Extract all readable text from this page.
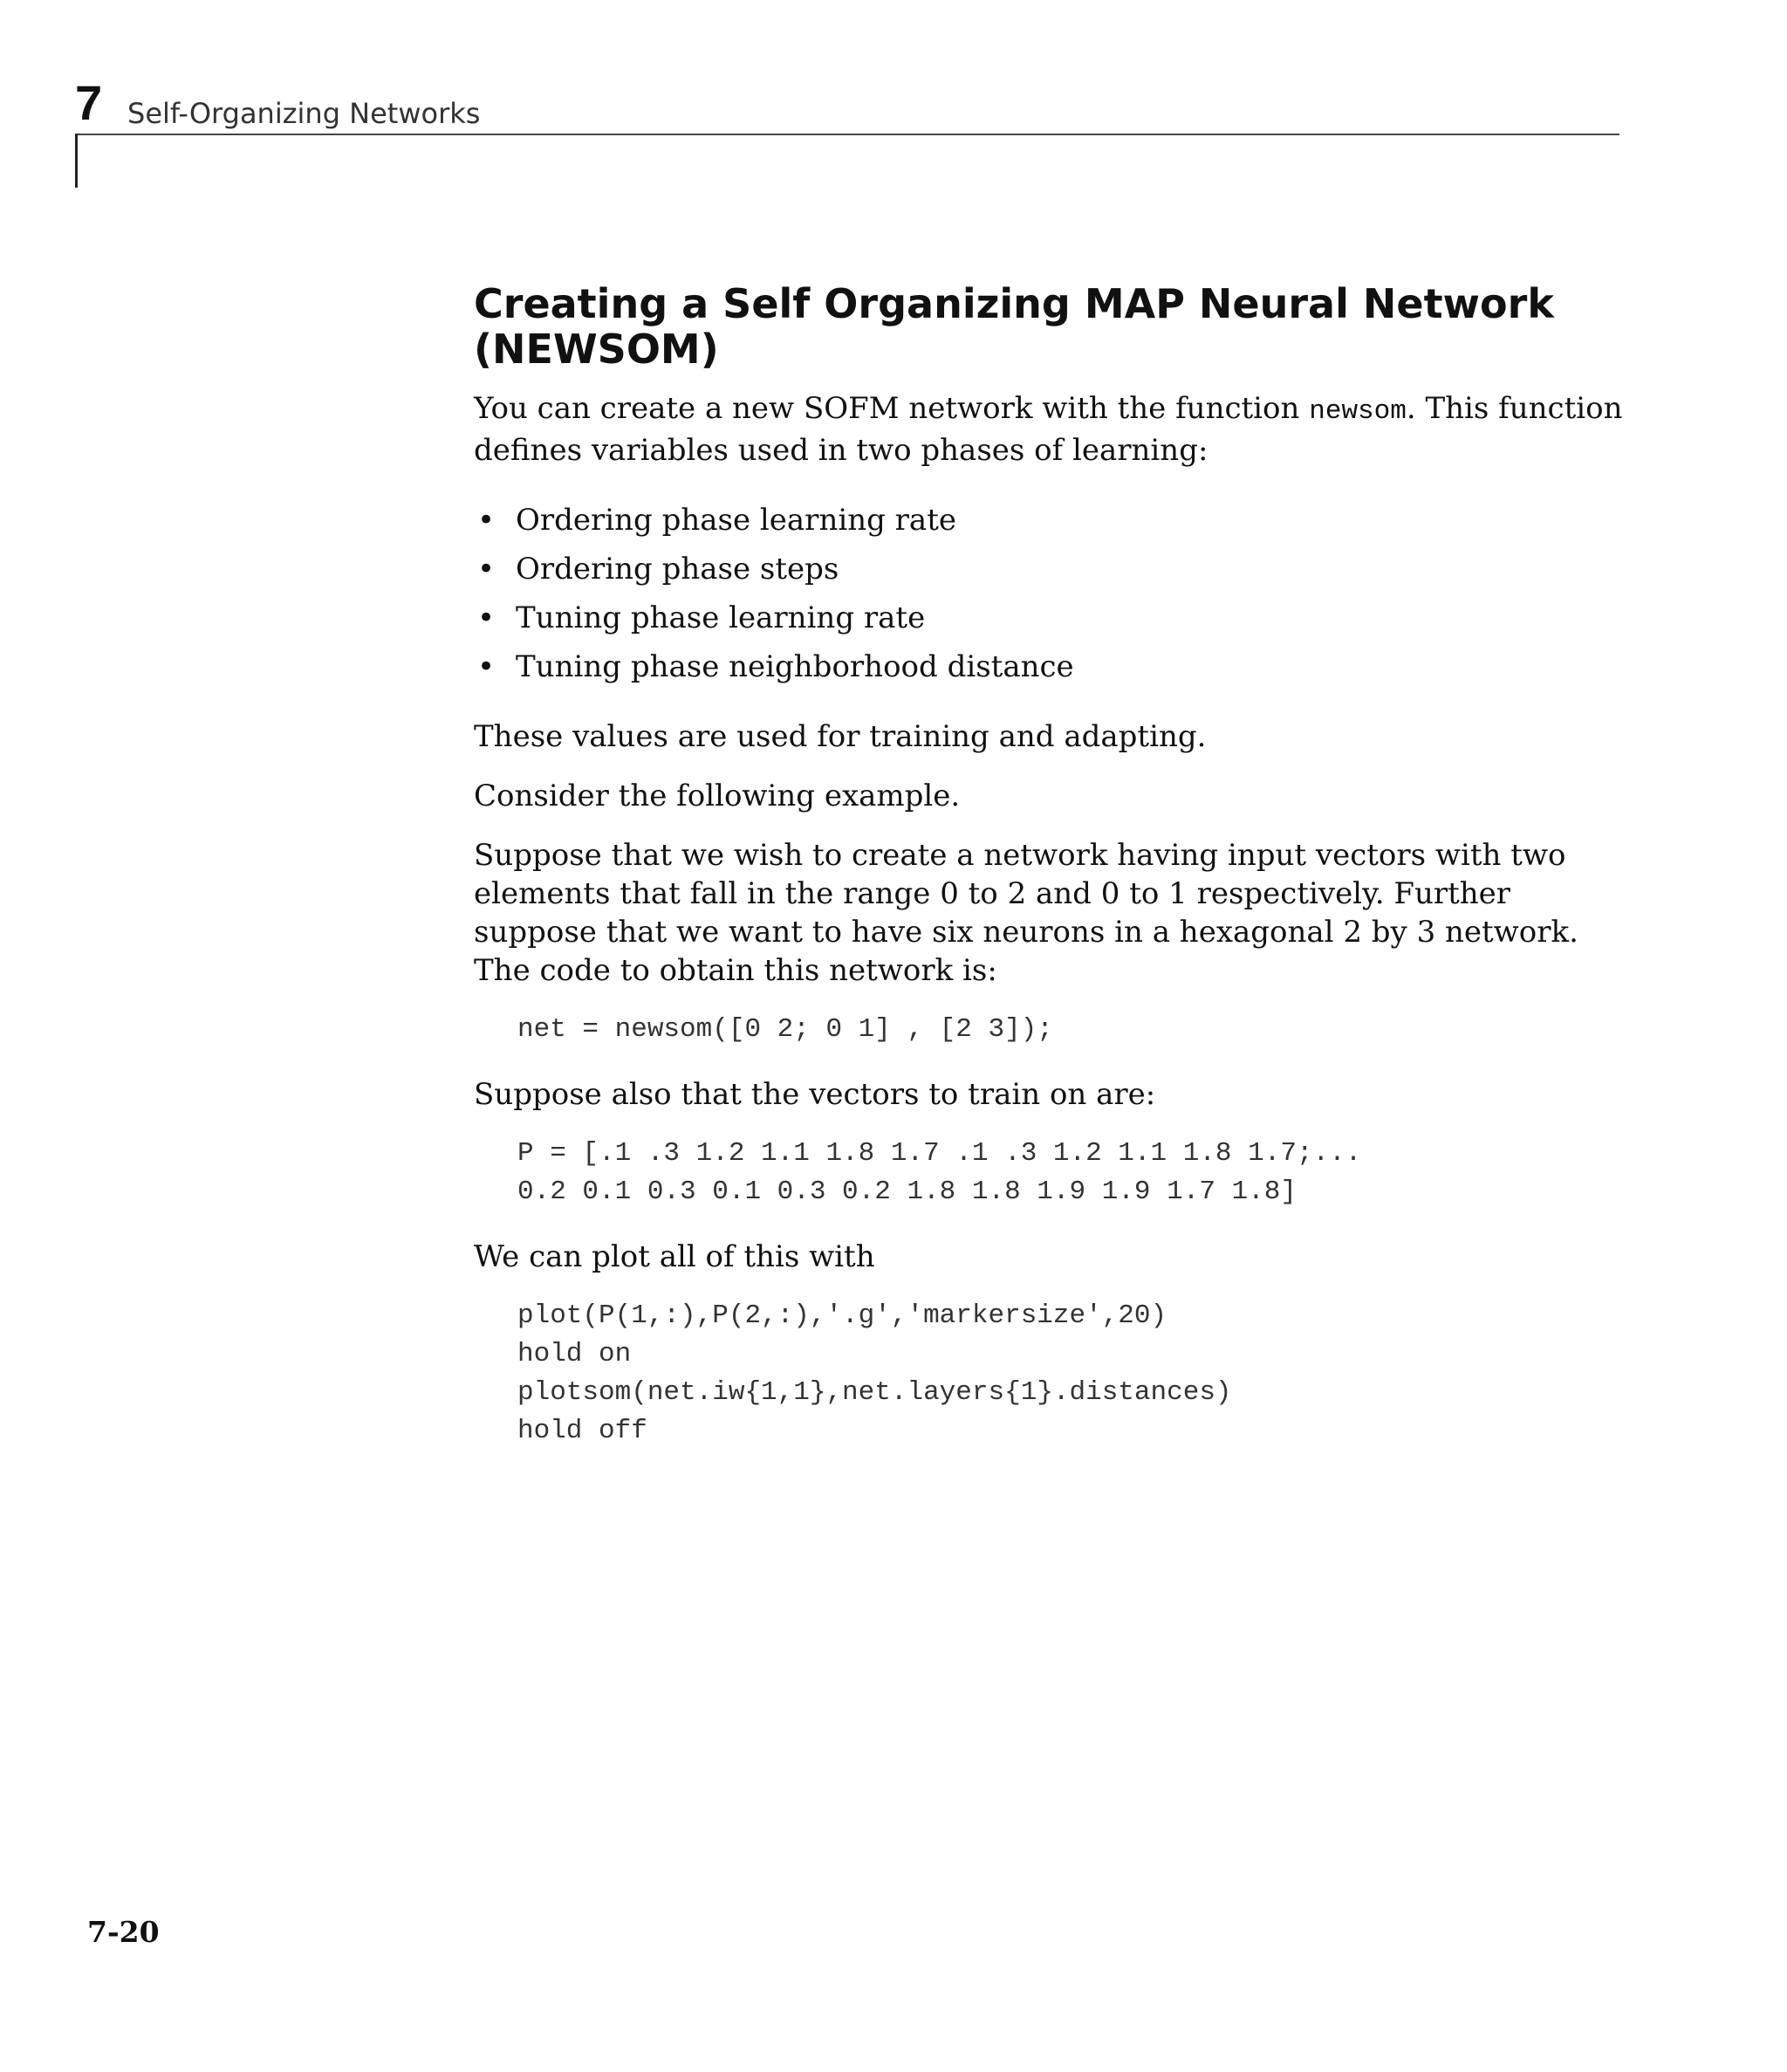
7 Self-Organizing Networks
Creating a Self Organizing MAP Neural Network (NEWSOM)

You can create a new SOFM network with the function newsom. This function defines variables used in two phases of learning:

• Ordering phase learning rate
• Ordering phase steps
• Tuning phase learning rate
• Tuning phase neighborhood distance

These values are used for training and adapting.

Consider the following example.

Suppose that we wish to create a network having input vectors with two elements that fall in the range 0 to 2 and 0 to 1 respectively. Further suppose that we want to have six neurons in a hexagonal 2 by 3 network. The code to obtain this network is:

net = newsom([0 2; 0 1] , [2 3]);

Suppose also that the vectors to train on are:

P = [.1 .3 1.2 1.1 1.8 1.7 .1 .3 1.2 1.1 1.8 1.7;...
0.2 0.1 0.3 0.1 0.3 0.2 1.8 1.8 1.9 1.9 1.7 1.8]

We can plot all of this with

plot(P(1,:),P(2,:),'.g','markersize',20)
hold on
plotsom(net.iw{1,1},net.layers{1}.distances)
hold off
7-20
